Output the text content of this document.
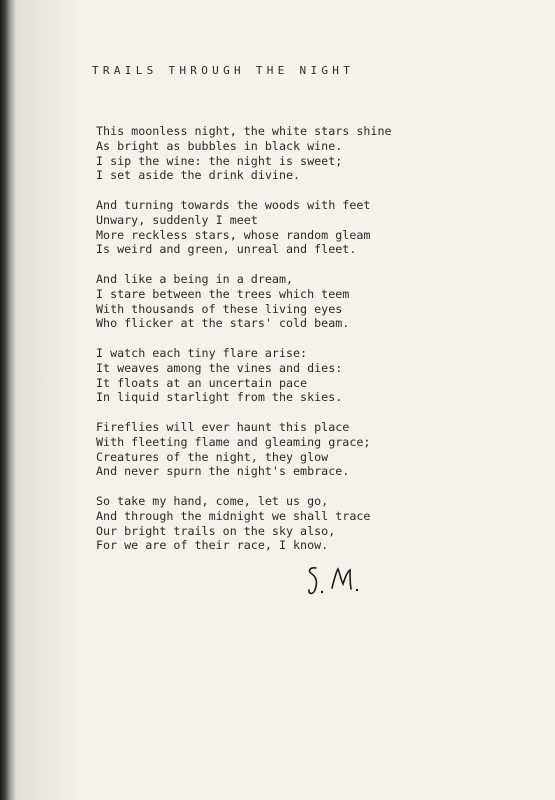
TRAILS THROUGH THE NIGHT
This moonless night, the white stars shine
As bright as bubbles in black wine.
I sip the wine: the night is sweet;
I set aside the drink divine.
And turning towards the woods with feet
Unwary, suddenly I meet
More reckless stars, whose random gleam
Is weird and green, unreal and fleet.
And like a being in a dream,
I stare between the trees which teem
With thousands of these living eyes
Who flicker at the stars' cold beam.
I watch each tiny flare arise:
It weaves among the vines and dies:
It floats at an uncertain pace
In liquid starlight from the skies.
Fireflies will ever haunt this place
With fleeting flame and gleaming grace;
Creatures of the night, they glow
And never spurn the night's embrace.
So take my hand, come, let us go,
And through the midnight we shall trace
Our bright trails on the sky also,
For we are of their race, I know.
